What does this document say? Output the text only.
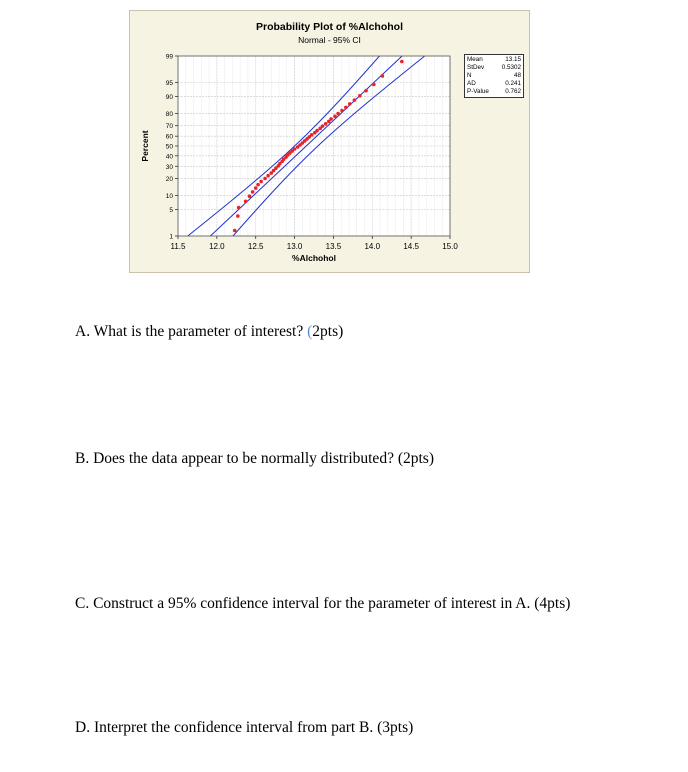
Probability Plot of %Alchohol
Normal - 95% CI
11.5	12.0	12.5	13.0	13.5	14.0	14.5	15.0
1
5
10
20
30
40
50
60
70
80
90
95
99
%Alchohol
Percent
Mean	13.15
StDev	0.5302
N	48
AD	0.241
P-Value	0.762
A. What is the parameter of interest? (2pts)
B. Does the data appear to be normally distributed? (2pts)
C. Construct a 95% confidence interval for the parameter of interest in A. (4pts)
D. Interpret the confidence interval from part B. (3pts)
